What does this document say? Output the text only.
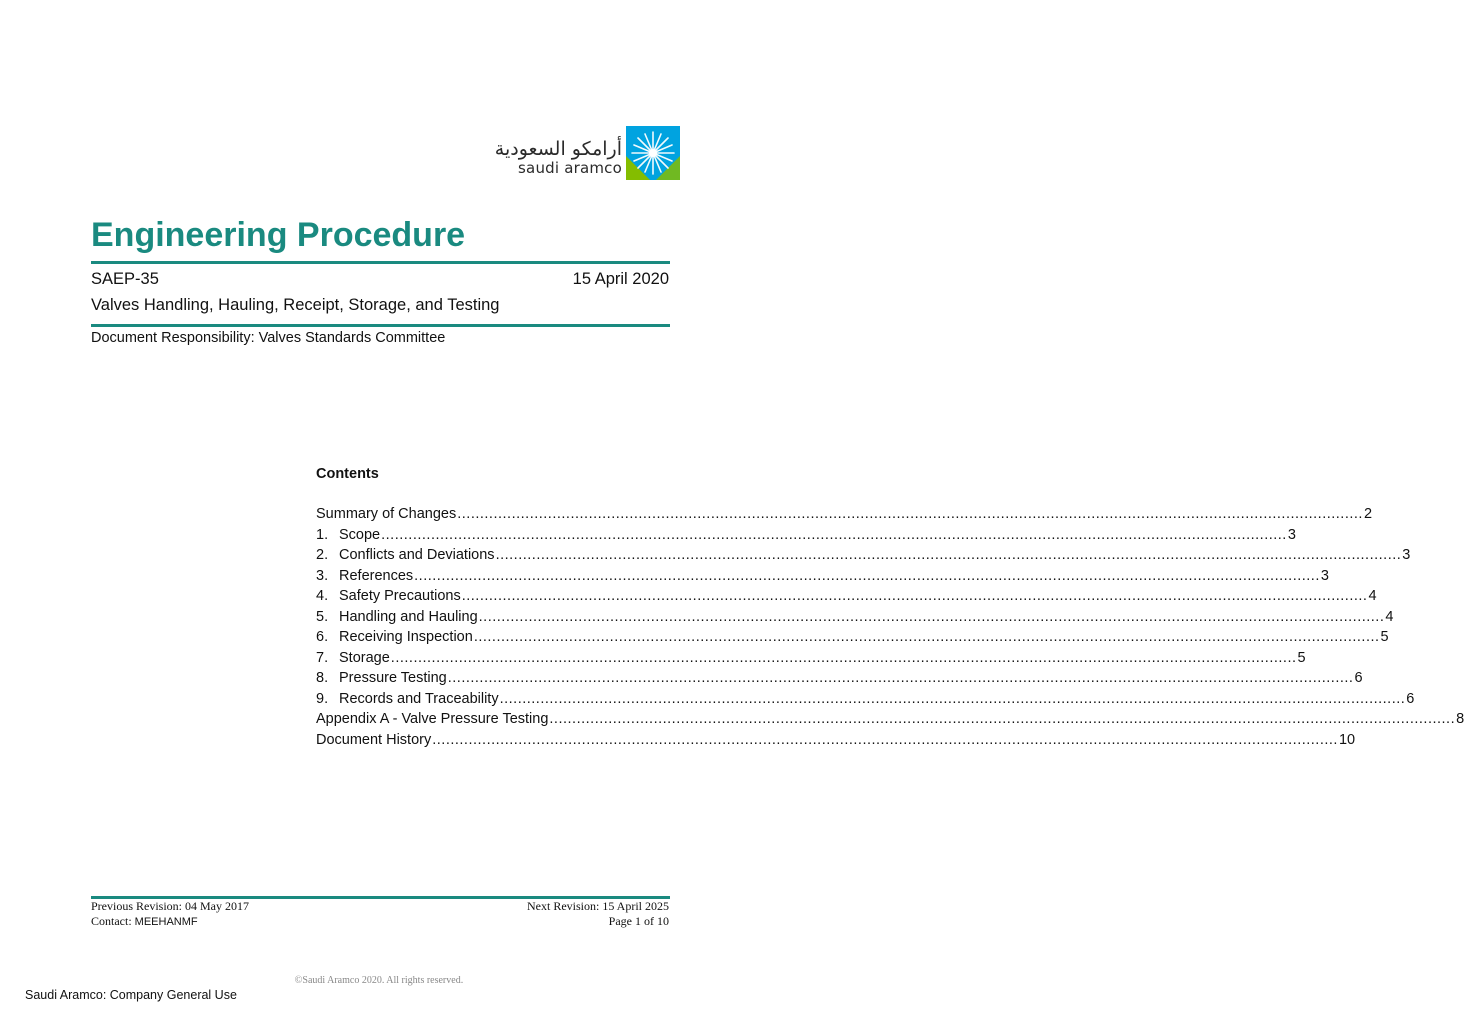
أرامكو السعودية
saudi aramco
Engineering Procedure
SAEP-35	15 April 2020
Valves Handling, Hauling, Receipt, Storage, and Testing
Document Responsibility: Valves Standards Committee
Contents
Summary of Changes ........................................................................................................................................................................................................ 2
1. Scope ........................................................................................................................................................................................................ 3
2. Conflicts and Deviations ........................................................................................................................................................................................................ 3
3. References ........................................................................................................................................................................................................ 3
4. Safety Precautions ........................................................................................................................................................................................................ 4
5. Handling and Hauling ........................................................................................................................................................................................................ 4
6. Receiving Inspection ........................................................................................................................................................................................................ 5
7. Storage ........................................................................................................................................................................................................ 5
8. Pressure Testing ........................................................................................................................................................................................................ 6
9. Records and Traceability ........................................................................................................................................................................................................ 6
Appendix A - Valve Pressure Testing ........................................................................................................................................................................................................ 8
Document History ........................................................................................................................................................................................................ 10
Previous Revision: 04 May 2017
Contact: MEEHANMF
Next Revision: 15 April 2025
Page 1 of 10
©Saudi Aramco 2020. All rights reserved.
Saudi Aramco: Company General Use
